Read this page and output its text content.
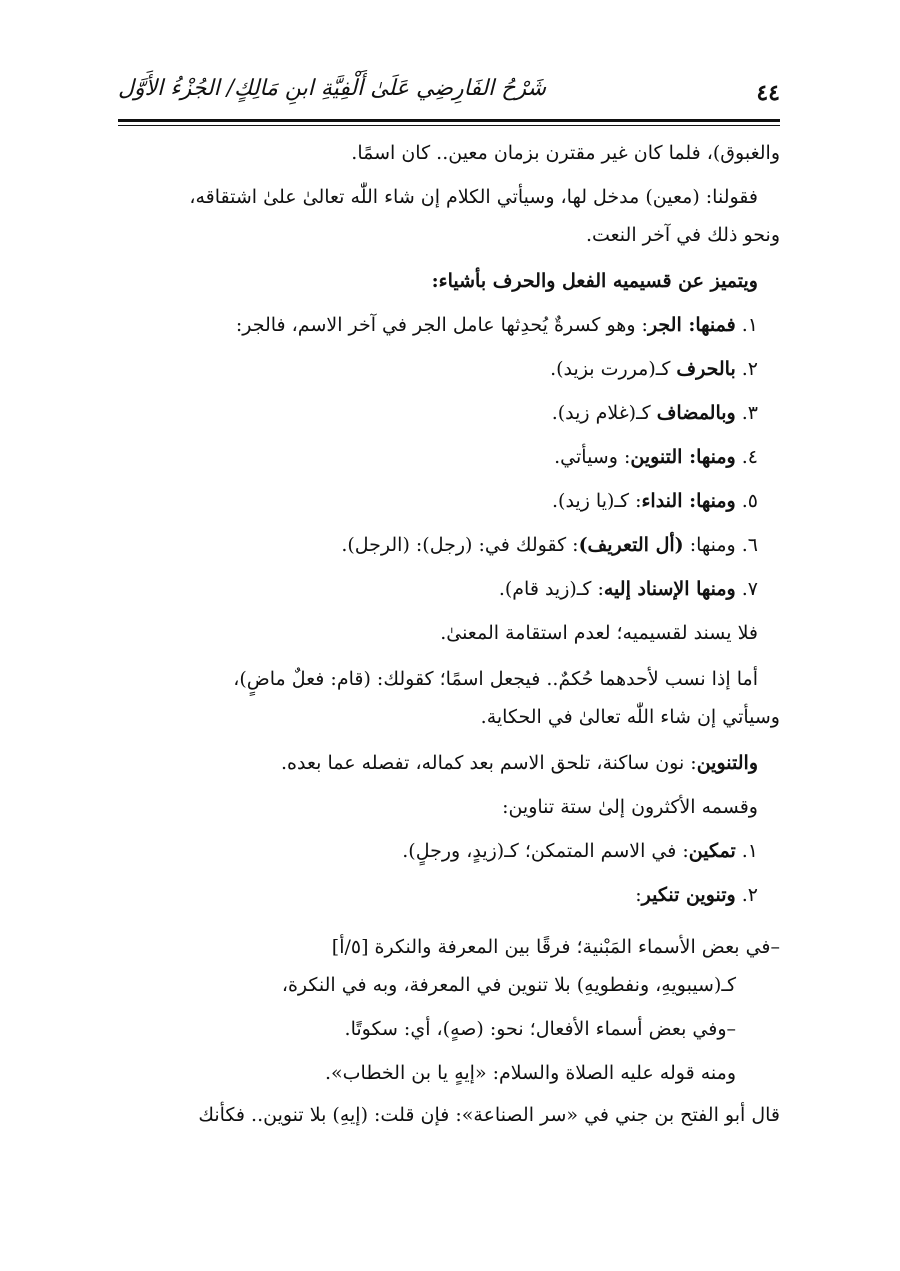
٤٤
شَرْحُ الفَارِضِي عَلَىٰ أَلْفِيَّةِ ابنِ مَالِكٍ/ الجُزْءُ الأَوَّل
والغبوق)، فلما كان غير مقترن بزمان معين.. كان اسمًا.
فقولنا: (معين) مدخل لها، وسيأتي الكلام إن شاء اللّٰه تعالىٰ علىٰ اشتقاقه،
ونحو ذلك في آخر النعت.
ويتميز عن قسيميه الفعل والحرف بأشياء:
١.فمنها: الجر: وهو كسرةٌ يُحدِثها عامل الجر في آخر الاسم، فالجر:
٢.بالحرف كـ(مررت بزيد).
٣.وبالمضاف كـ(غلام زيد).
٤.ومنها: التنوين: وسيأتي.
٥.ومنها: النداء: كـ(يا زيد).
٦.ومنها: (أل التعريف): كقولك في: (رجل): (الرجل).
٧.ومنها الإسناد إليه: كـ(زيد قام).
فلا يسند لقسيميه؛ لعدم استقامة المعنىٰ.
أما إذا نسب لأحدهما حُكمٌ.. فيجعل اسمًا؛ كقولك: (قام: فعلٌ ماضٍ)،
وسيأتي إن شاء اللّٰه تعالىٰ في الحكاية.
والتنوين: نون ساكنة، تلحق الاسم بعد كماله، تفصله عما بعده.
وقسمه الأكثرون إلىٰ ستة تناوين:
١.تمكين: في الاسم المتمكن؛ كـ(زيدٍ، ورجلٍ).
٢.وتنوين تنكير:
–في بعض الأسماء المَبْنية؛ فرقًا بين المعرفة والنكرة [٥/أ]
كـ(سيبويهِ، ونفطويهِ) بلا تنوين في المعرفة، وبه في النكرة،
–وفي بعض أسماء الأفعال؛ نحو: (صهٍ)، أي: سكوتًا.
ومنه قوله عليه الصلاة والسلام: «إيهٍ يا بن الخطاب».
قال أبو الفتح بن جني في «سر الصناعة»: فإن قلت: (إيهِ) بلا تنوين.. فكأنك
